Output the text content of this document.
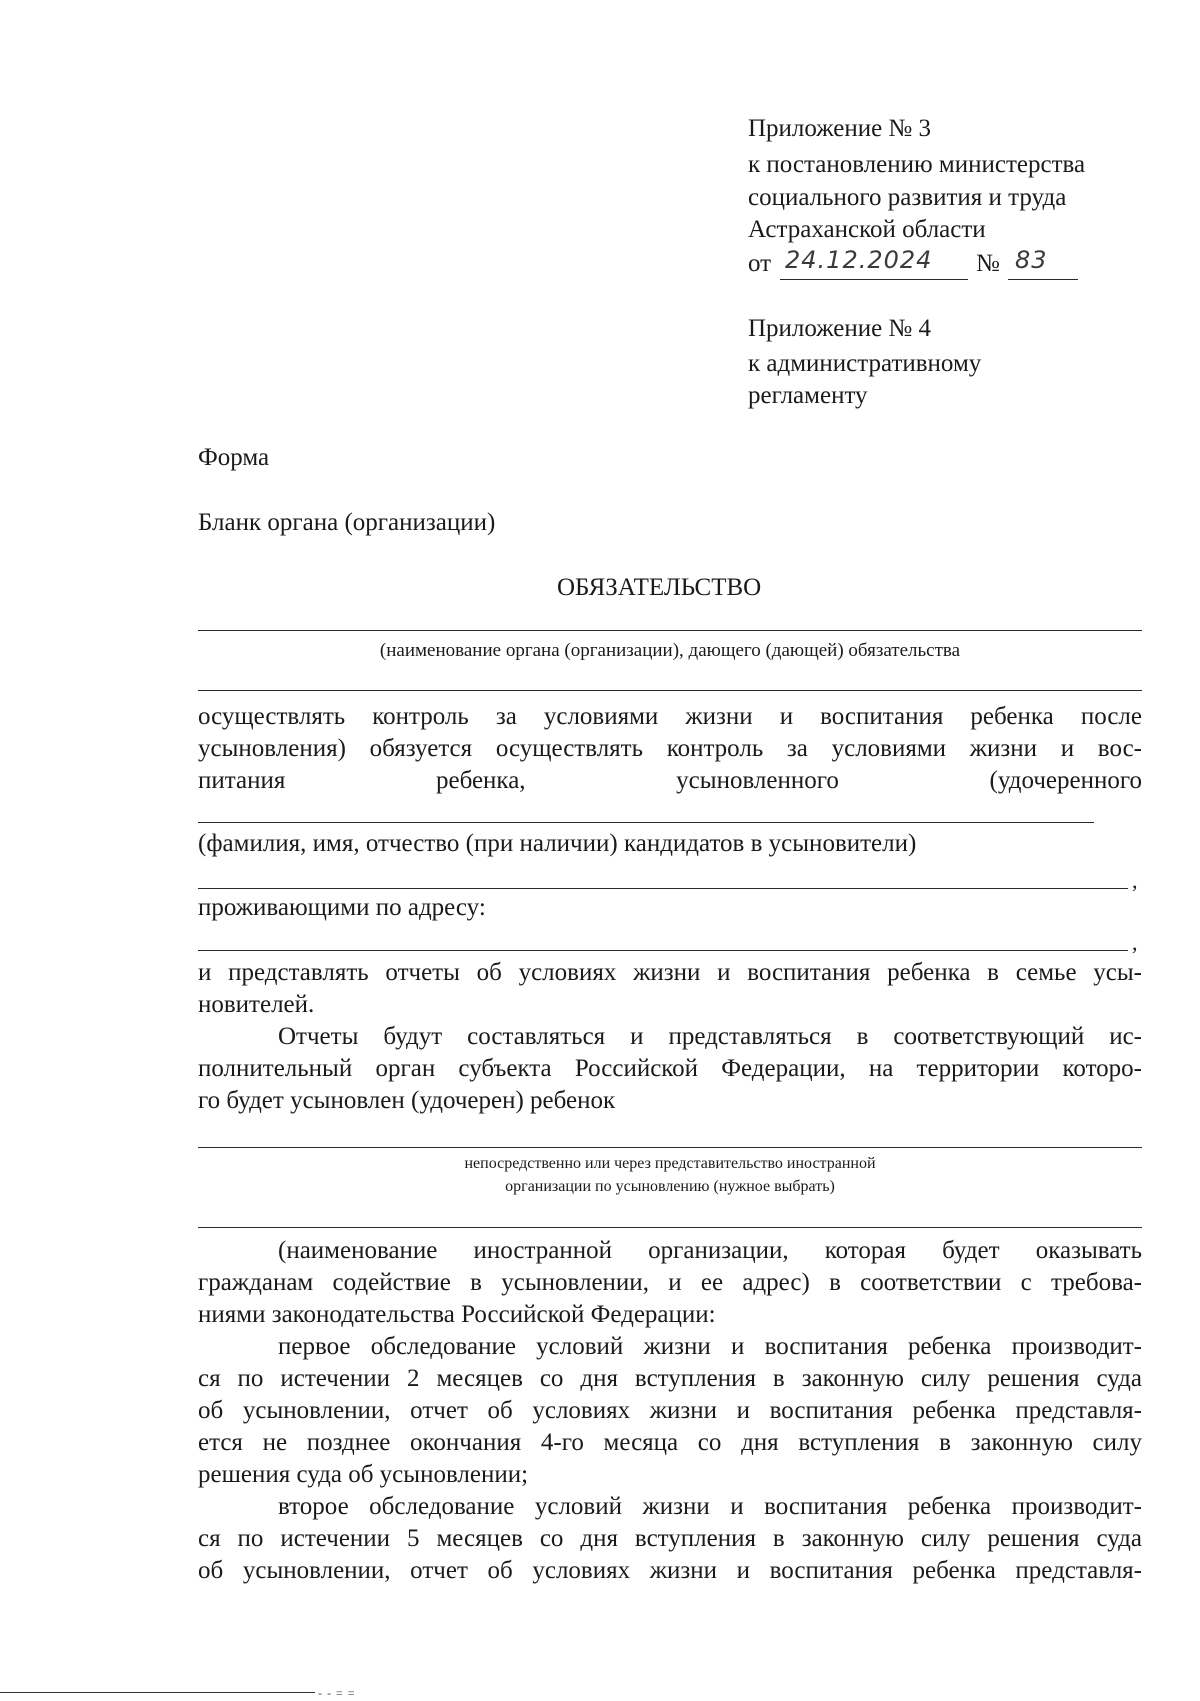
Приложение № 3
к постановлению министерства
социального развития и труда
Астраханской области
от 24.12.2024 № 83
Приложение № 4
к административному
регламенту
Форма
Бланк органа (организации)
ОБЯЗАТЕЛЬСТВО
(наименование органа (организации), дающего (дающей) обязательства
осуществлять контроль за условиями жизни и воспитания ребенка после
усыновления) обязуется осуществлять контроль за условиями жизни и вос-
питания ребенка, усыновленного (удочеренного
(фамилия, имя, отчество (при наличии) кандидатов в усыновители)
,
проживающими по адресу:
,
и представлять отчеты об условиях жизни и воспитания ребенка в семье усы-
новителей.
Отчеты будут составляться и представляться в соответствующий ис-
полнительный орган субъекта Российской Федерации, на территории которо-
го будет усыновлен (удочерен) ребенок
непосредственно или через представительство иностранной
организации по усыновлению (нужное выбрать)
(наименование иностранной организации, которая будет оказывать
гражданам содействие в усыновлении, и ее адрес) в соответствии с требова-
ниями законодательства Российской Федерации:
первое обследование условий жизни и воспитания ребенка производит-
ся по истечении 2 месяцев со дня вступления в законную силу решения суда
об усыновлении, отчет об условиях жизни и воспитания ребенка представля-
ется не позднее окончания 4-го месяца со дня вступления в законную силу
решения суда об усыновлении;
второе обследование условий жизни и воспитания ребенка производит-
ся по истечении 5 месяцев со дня вступления в законную силу решения суда
об усыновлении, отчет об условиях жизни и воспитания ребенка представля-
- - = =
